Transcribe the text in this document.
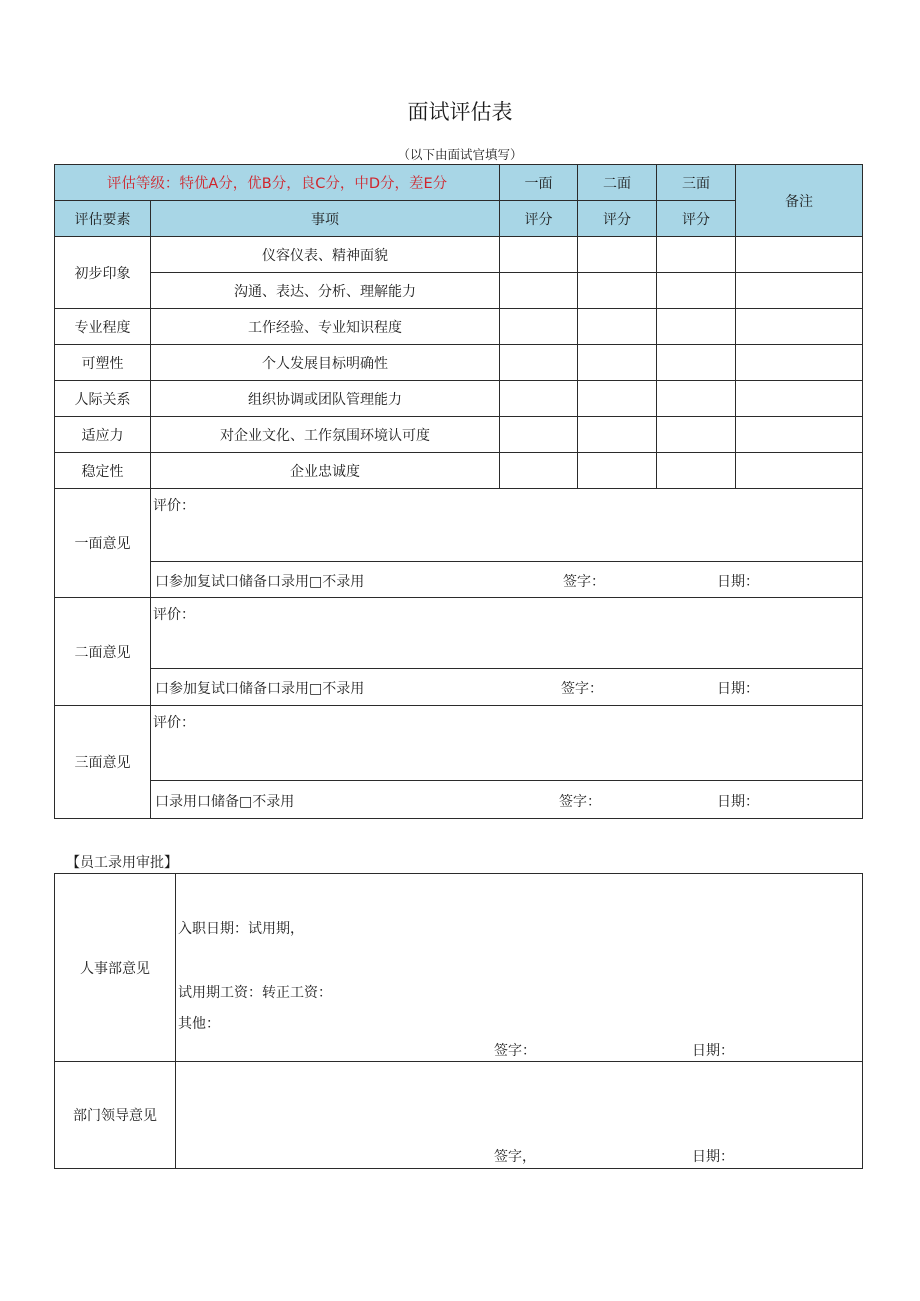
面试评估表
（以下由面试官填写）
评估等级：特优A分，优B分，良C分，中D分，差E分		一面	二面	三面	备注
评估要素	事项	评分	评分	评分	
初步印象	仪容仪表、精神面貌				
	沟通、表达、分析、理解能力				
专业程度	工作经验、专业知识程度				
可塑性	个人发展目标明确性				
人际关系	组织协调或团队管理能力				
适应力	对企业文化、工作氛围环境认可度				
稳定性	企业忠诚度				
一面意见	评价：				

	口参加复试口储备口录用□不录用 签字： 日期：				

二面意见	评价：				

	口参加复试口储备口录用□不录用 签字： 日期：				

三面意见	评价：				

	口录用口储备□不录用 签字： 日期：				
【员工录用审批】
人事部意见	入职日期：试用期，
试用期工资：转正工资：
其他：
签字： 日期：

部门领导意见	签字， 日期：
